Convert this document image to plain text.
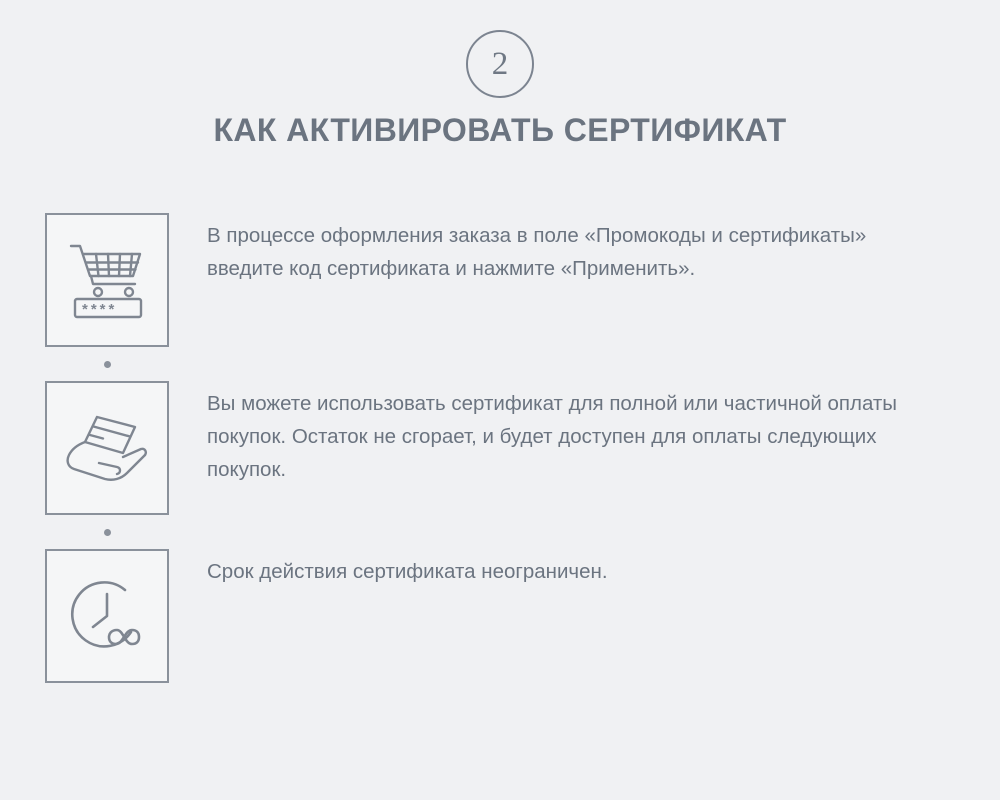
2
КАК АКТИВИРОВАТЬ СЕРТИФИКАТ
****
В процессе оформления заказа в поле «Промокоды и сертификаты» введите код сертификата и нажмите «Применить».
Вы можете использовать сертификат для полной или частичной оплаты покупок. Остаток не сгорает, и будет доступен для оплаты следующих покупок.
Срок действия сертификата неограничен.
